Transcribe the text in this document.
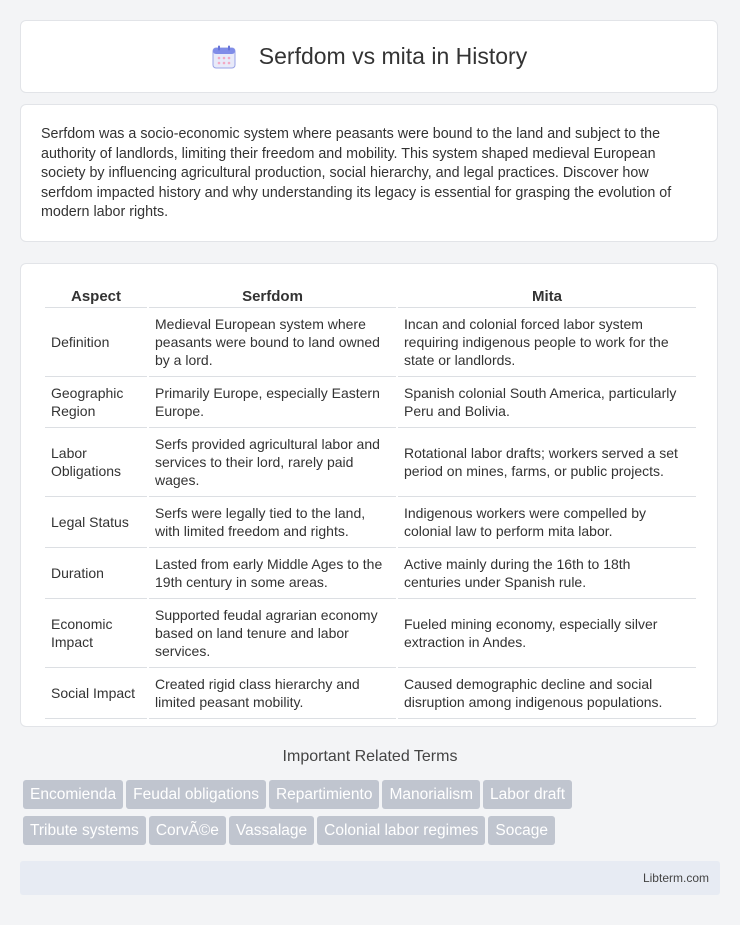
Serfdom vs mita in History

Serfdom was a socio-economic system where peasants were bound to the land and subject to the authority of landlords, limiting their freedom and mobility. This system shaped medieval European society by influencing agricultural production, social hierarchy, and legal practices. Discover how serfdom impacted history and why understanding its legacy is essential for grasping the evolution of modern labor rights.

Aspect	Serfdom	Mita
Definition	Medieval European system where peasants were bound to land owned by a lord.	Incan and colonial forced labor system requiring indigenous people to work for the state or landlords.
Geographic Region	Primarily Europe, especially Eastern Europe.	Spanish colonial South America, particularly Peru and Bolivia.
Labor Obligations	Serfs provided agricultural labor and services to their lord, rarely paid wages.	Rotational labor drafts; workers served a set period on mines, farms, or public projects.
Legal Status	Serfs were legally tied to the land, with limited freedom and rights.	Indigenous workers were compelled by colonial law to perform mita labor.
Duration	Lasted from early Middle Ages to the 19th century in some areas.	Active mainly during the 16th to 18th centuries under Spanish rule.
Economic Impact	Supported feudal agrarian economy based on land tenure and labor services.	Fueled mining economy, especially silver extraction in Andes.
Social Impact	Created rigid class hierarchy and limited peasant mobility.	Caused demographic decline and social disruption among indigenous populations.
Important Related Terms
Encomienda Feudal obligations Repartimiento Manorialism Labor draft
Tribute systems CorvÃ©e Vassalage Colonial labor regimes Socage
Libterm.com
